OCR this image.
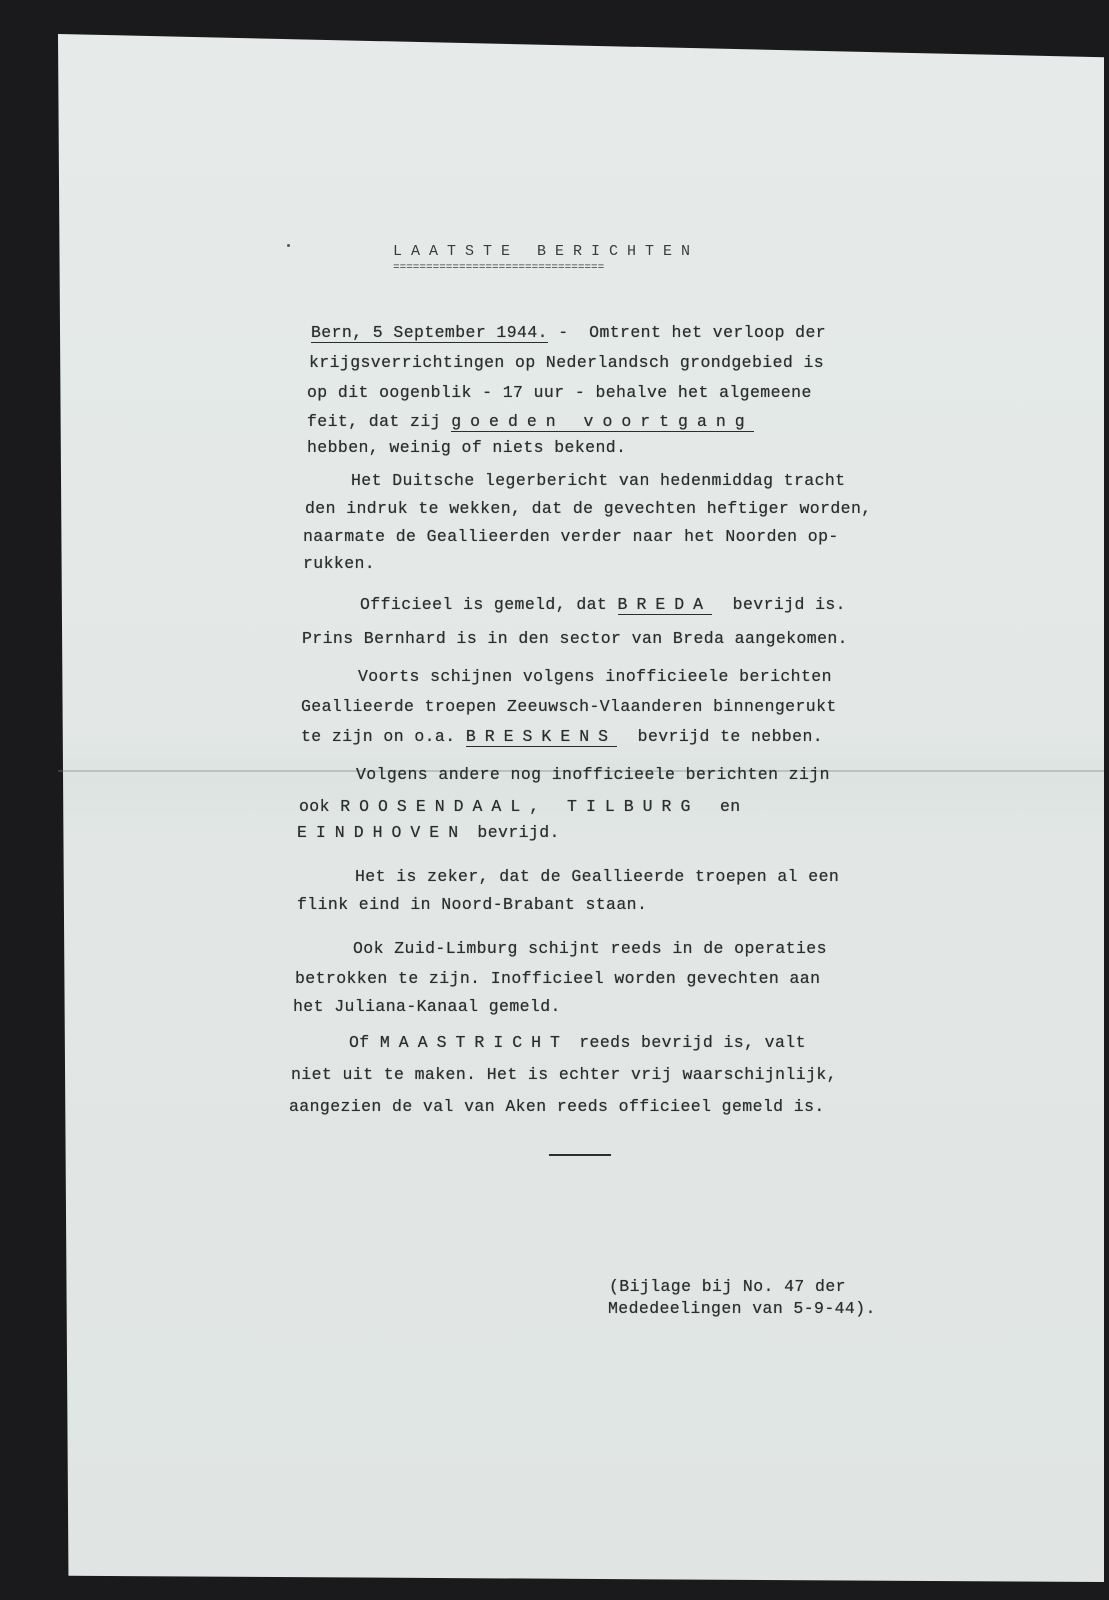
LAATSTE BERICHTEN
================================
Bern, 5 September 1944. -  Omtrent het verloop der
krijgsverrichtingen op Nederlandsch grondgebied is
op dit oogenblik - 17 uur - behalve het algemeene
feit, dat zij goeden voortgang
hebben, weinig of niets bekend.
Het Duitsche legerbericht van hedenmiddag tracht
den indruk te wekken, dat de gevechten heftiger worden,
naarmate de Geallieerden verder naar het Noorden op-
rukken.
Officieel is gemeld, dat BREDA  bevrijd is.
Prins Bernhard is in den sector van Breda aangekomen.
Voorts schijnen volgens inofficieele berichten
Geallieerde troepen Zeeuwsch-Vlaanderen binnengerukt
te zijn on o.a. BRESKENS  bevrijd te nebben.
Volgens andere nog inofficieele berichten zijn
ook ROOSENDAAL, TILBURG  en
EINDHOVEN bevrijd.
Het is zeker, dat de Geallieerde troepen al een
flink eind in Noord-Brabant staan.
Ook Zuid-Limburg schijnt reeds in de operaties
betrokken te zijn. Inofficieel worden gevechten aan
het Juliana-Kanaal gemeld.
Of MAASTRICHT reeds bevrijd is, valt
niet uit te maken. Het is echter vrij waarschijnlijk,
aangezien de val van Aken reeds officieel gemeld is.
(Bijlage bij No. 47 der
Mededeelingen van 5-9-44).
